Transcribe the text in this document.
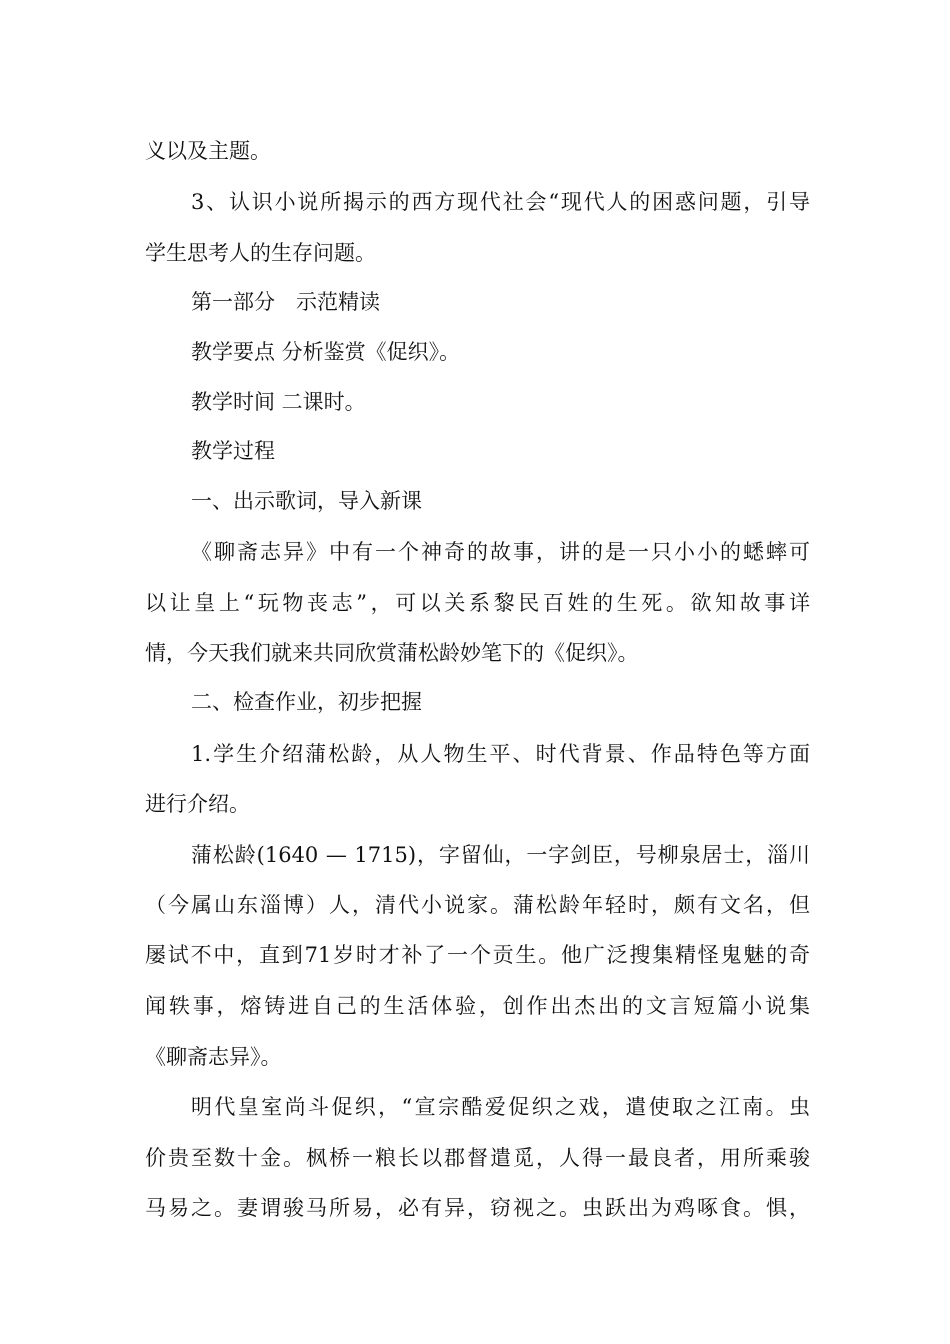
义以及主题。
3、认识小说所揭示的西方现代社会“现代人的困惑问题，引导
学生思考人的生存问题。
第一部分　示范精读
教学要点 分析鉴赏《促织》。
教学时间 二课时。
教学过程
一、出示歌词，导入新课
《聊斋志异》中有一个神奇的故事，讲的是一只小小的蟋蟀可
以让皇上“玩物丧志”，可以关系黎民百姓的生死。欲知故事详
情，今天我们就来共同欣赏蒲松龄妙笔下的《促织》。
二、检查作业，初步把握
1.学生介绍蒲松龄，从人物生平、时代背景、作品特色等方面
进行介绍。
蒲松龄(1640 — 1715)，字留仙，一字剑臣，号柳泉居士，淄川
（今属山东淄博）人，清代小说家。蒲松龄年轻时，颇有文名，但
屡试不中，直到71岁时才补了一个贡生。他广泛搜集精怪鬼魅的奇
闻轶事，熔铸进自己的生活体验，创作出杰出的文言短篇小说集
《聊斋志异》。
明代皇室尚斗促织，“宣宗酷爱促织之戏，遣使取之江南。虫
价贵至数十金。枫桥一粮长以郡督遣觅，人得一最良者，用所乘骏
马易之。妻谓骏马所易，必有异，窃视之。虫跃出为鸡啄食。惧，
